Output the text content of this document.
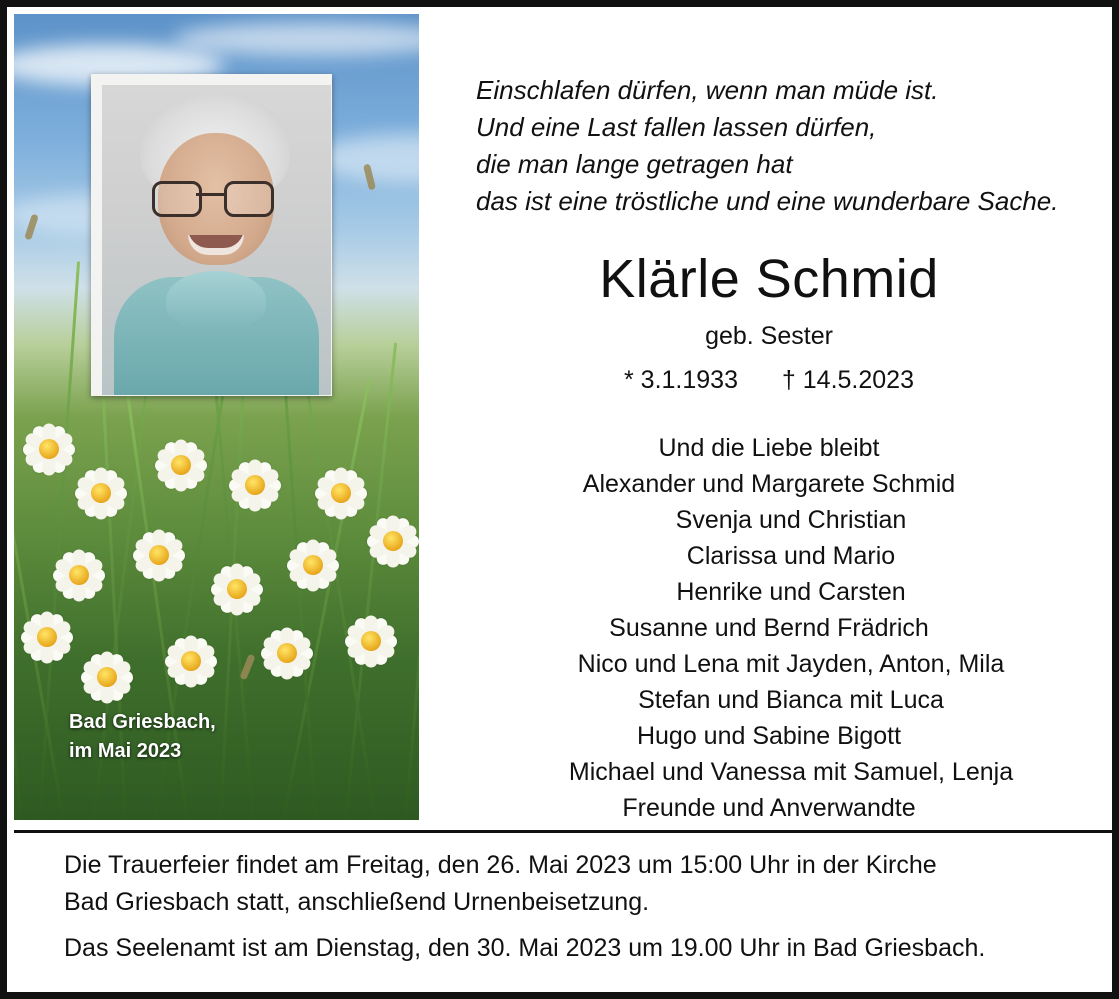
Bad Griesbach,
im Mai 2023
Einschlafen dürfen, wenn man müde ist.
Und eine Last fallen lassen dürfen,
die man lange getragen hat
das ist eine tröstliche und eine wunderbare Sache.
Klärle Schmid
geb. Sester
* 3.1.1933 † 14.5.2023
Und die Liebe bleibt
Alexander und Margarete Schmid
Svenja und Christian
Clarissa und Mario
Henrike und Carsten
Susanne und Bernd Frädrich
Nico und Lena mit Jayden, Anton, Mila
Stefan und Bianca mit Luca
Hugo und Sabine Bigott
Michael und Vanessa mit Samuel, Lenja
Freunde und Anverwandte
Die Trauerfeier findet am Freitag, den 26. Mai 2023 um 15:00 Uhr in der Kirche
Bad Griesbach statt, anschließend Urnenbeisetzung.
Das Seelenamt ist am Dienstag, den 30. Mai 2023 um 19.00 Uhr in Bad Griesbach.
